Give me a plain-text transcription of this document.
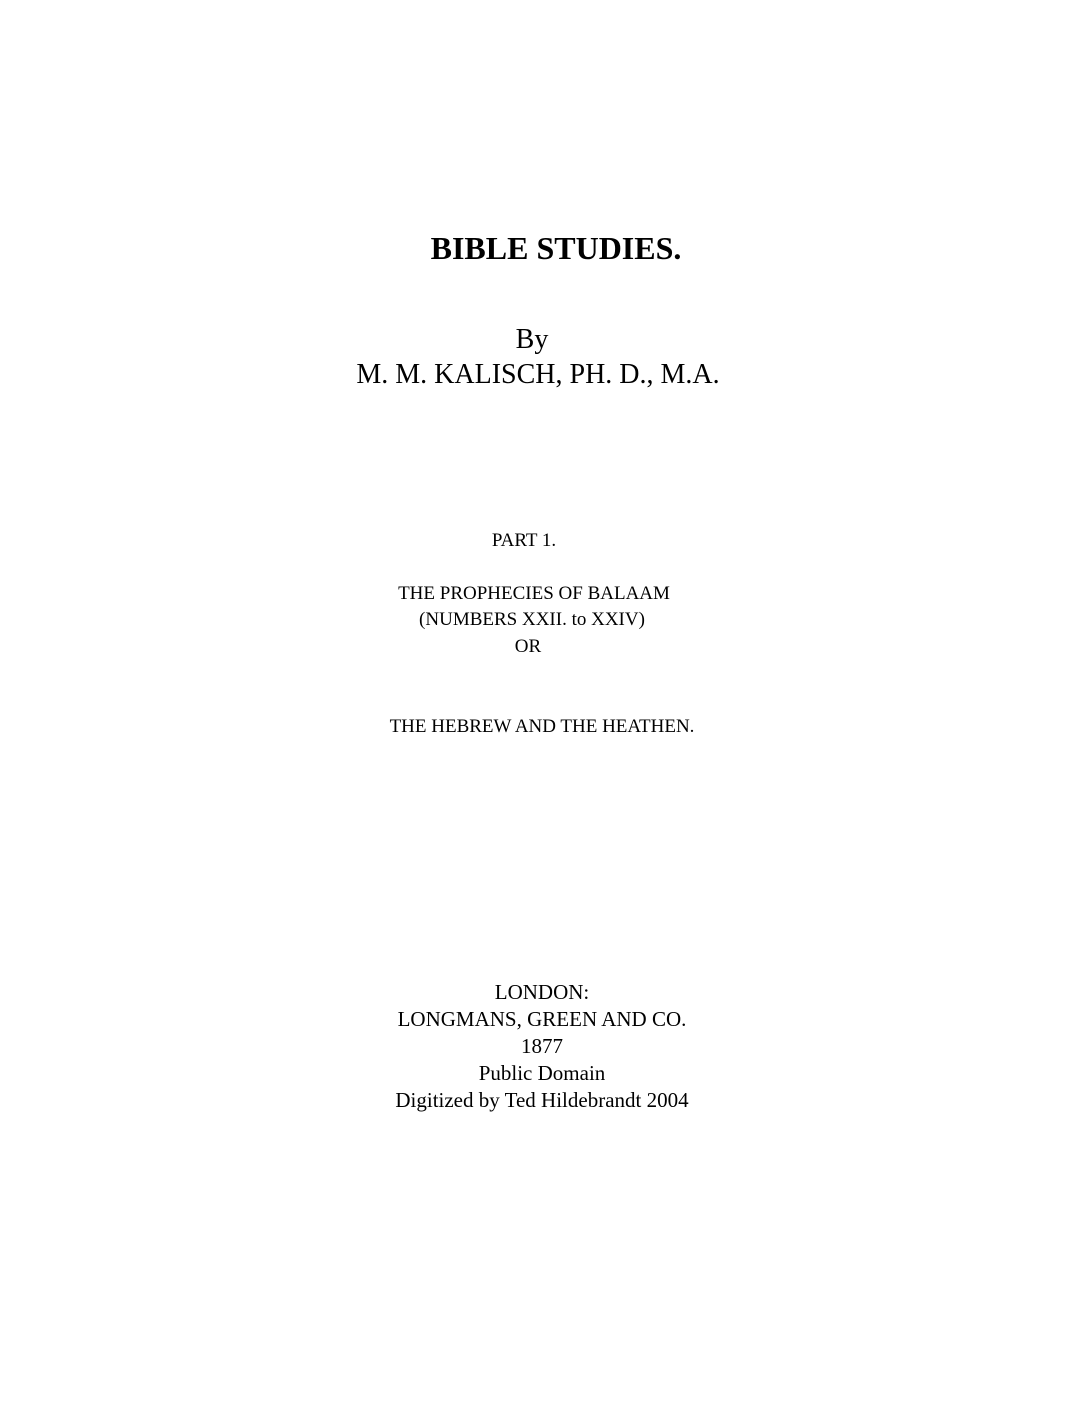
BIBLE STUDIES.

By

M. M. KALISCH, PH. D., M.A.

PART 1.

THE PROPHECIES OF BALAAM

(NUMBERS XXII. to XXIV)

OR

THE HEBREW AND THE HEATHEN.

LONDON:
LONGMANS, GREEN AND CO.
1877
Public Domain
Digitized by Ted Hildebrandt 2004
